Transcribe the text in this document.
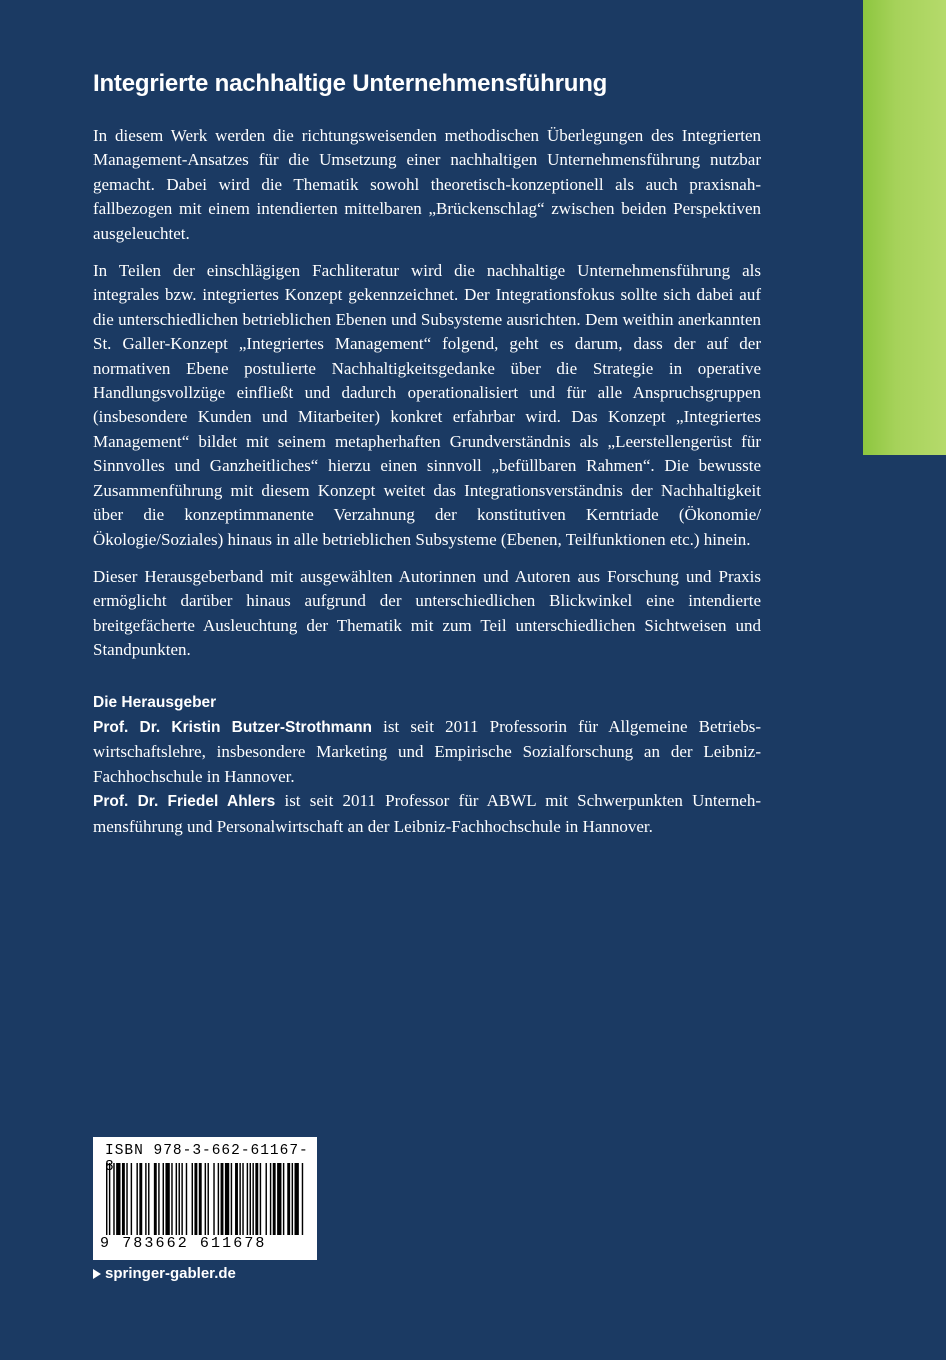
Integrierte nachhaltige Unternehmensführung

In diesem Werk werden die richtungsweisenden methodischen Überlegungen des Integrierten Management-Ansatzes für die Umsetzung einer nachhaltigen Unternehmensführung nutzbar gemacht. Dabei wird die Thematik sowohl theoretisch-konzeptionell als auch praxisnah-fallbezogen mit einem intendierten mittelbaren „Brückenschlag“ zwischen beiden Perspektiven ausgeleuchtet.

In Teilen der einschlägigen Fachliteratur wird die nachhaltige Unternehmensführung als integrales bzw. integriertes Konzept gekennzeichnet. Der Integrationsfokus sollte sich dabei auf die unterschiedlichen betrieblichen Ebenen und Subsysteme ausrichten. Dem weithin anerkannten St. Galler-Konzept „Integriertes Management“ folgend, geht es darum, dass der auf der normativen Ebene postulierte Nachhaltigkeitsgedanke über die Strategie in operative Handlungsvollzüge einfließt und dadurch operationalisiert und für alle Anspruchsgruppen (insbesondere Kunden und Mitarbeiter) konkret erfahrbar wird. Das Konzept „Integriertes Management“ bildet mit seinem metapherhaften Grundverständnis als „Leerstellengerüst für Sinnvolles und Ganzheitliches“ hierzu einen sinnvoll „befüllbaren Rahmen“. Die bewusste Zusammenführung mit diesem Konzept weitet das Integrationsverständnis der Nachhaltigkeit über die konzeptimmanente Verzahnung der konstitutiven Kerntriade (Ökonomie/Ökologie/Soziales) hinaus in alle betrieblichen Subsysteme (Ebenen, Teilfunktionen etc.) hinein.

Dieser Herausgeberband mit ausgewählten Autorinnen und Autoren aus Forschung und Praxis ermöglicht darüber hinaus aufgrund der unterschiedlichen Blickwinkel eine intendierte breitgefächerte Ausleuchtung der Thematik mit zum Teil unterschiedlichen Sichtweisen und Standpunkten.

Die Herausgeber

Prof. Dr. Kristin Butzer-Strothmann ist seit 2011 Professorin für Allgemeine Betriebswirtschaftslehre, insbesondere Marketing und Empirische Sozialforschung an der Leibniz-Fachhochschule in Hannover.

Prof. Dr. Friedel Ahlers ist seit 2011 Professor für ABWL mit Schwerpunkten Unternehmensführung und Personalwirtschaft an der Leibniz-Fachhochschule in Hannover.

ISBN 978-3-662-61167-8
9 783662 611678
springer-gabler.de
